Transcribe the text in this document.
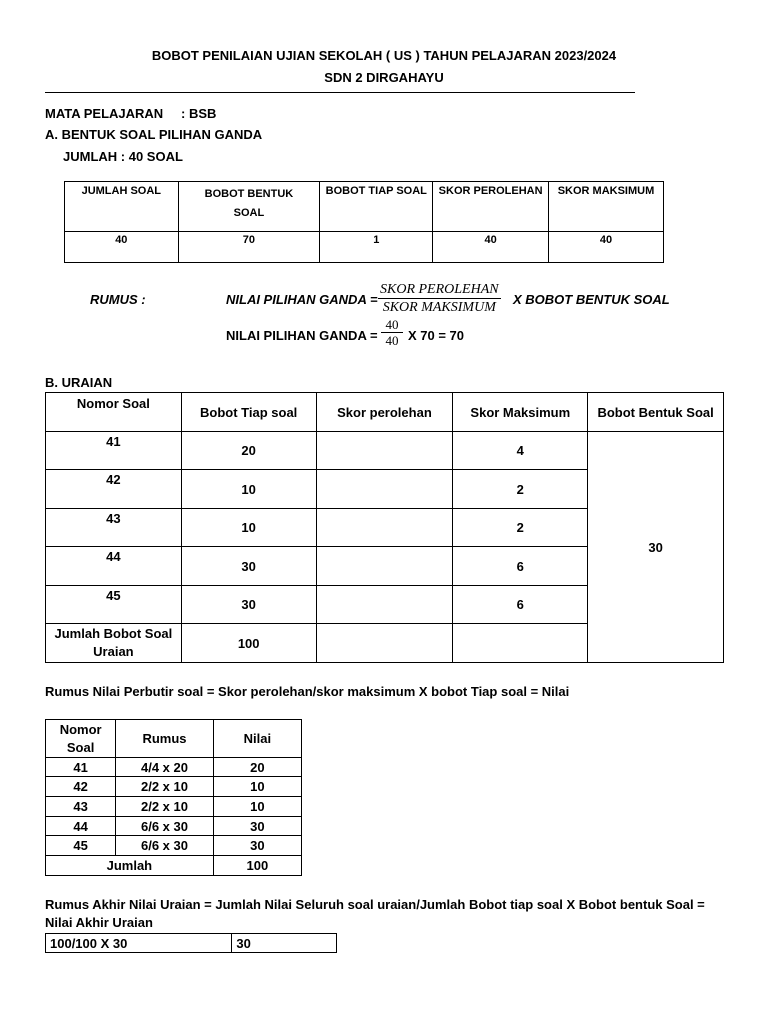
BOBOT PENILAIAN UJIAN SEKOLAH ( US ) TAHUN PELAJARAN 2023/2024
SDN 2 DIRGAHAYU
MATA PELAJARAN : BSB
A. BENTUK SOAL PILIHAN GANDA
JUMLAH : 40 SOAL
JUMLAH SOAL	BOBOT BENTUK SOAL	BOBOT TIAP SOAL	SKOR PEROLEHAN	SKOR MAKSIMUM
40	70	1	40	40
RUMUS :	NILAI PILIHAN GANDA =
SKOR PEROLEHAN
SKOR MAKSIMUM
X BOBOT BENTUK SOAL
NILAI PILIHAN GANDA = $\frac{40}{40}$ X 70 = 70
B. URAIAN
Nomor Soal	Bobot Tiap soal	Skor perolehan	Skor Maksimum	Bobot Bentuk Soal
41	20		4	30
42	10		2	
43	10		2	
44	30		6	
45	30		6	
Jumlah Bobot Soal Uraian	100			
Rumus Nilai Perbutir soal = Skor perolehan/skor maksimum X bobot Tiap soal = Nilai
Nomor Soal	Rumus	Nilai
41	4/4 x 20	20
42	2/2 x 10	10
43	2/2 x 10	10
44	6/6 x 30	30
45	6/6 x 30	30
Jumlah		100
Rumus Akhir Nilai Uraian = Jumlah Nilai Seluruh soal uraian/Jumlah Bobot tiap soal X Bobot bentuk Soal = Nilai Akhir Uraian
100/100 X 30	30
